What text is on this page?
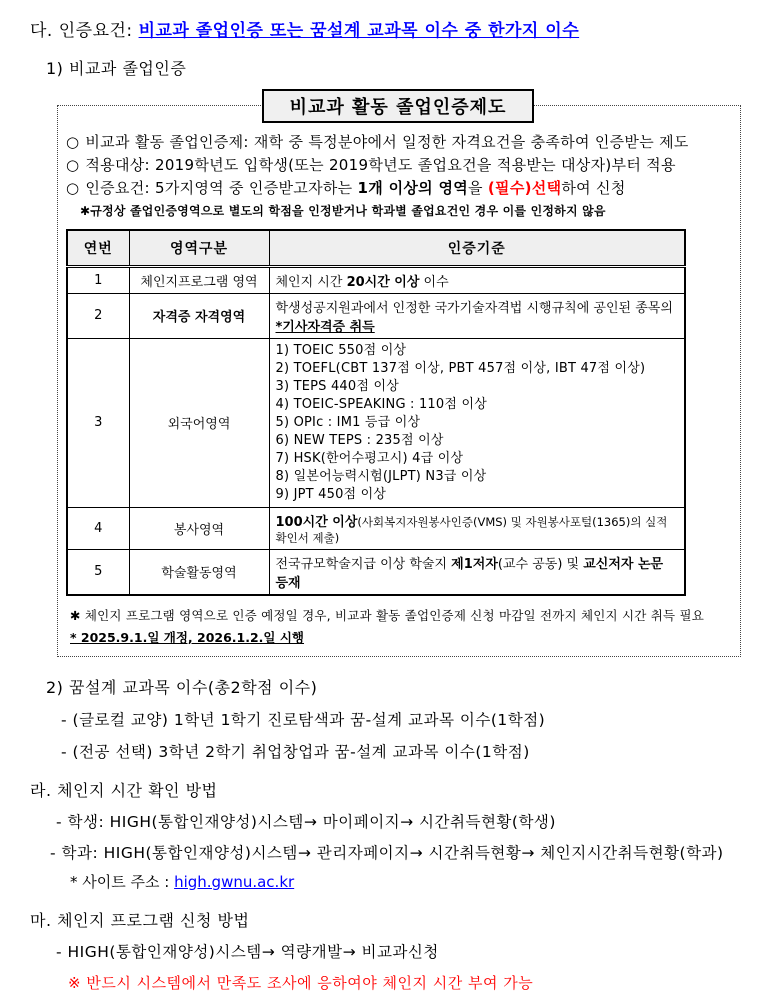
다. 인증요건: 비교과 졸업인증 또는 꿈설계 교과목 이수 중 한가지 이수
1) 비교과 졸업인증
비교과 활동 졸업인증제도
○ 비교과 활동 졸업인증제: 재학 중 특정분야에서 일정한 자격요건을 충족하여 인증받는 제도
○ 적용대상: 2019학년도 입학생(또는 2019학년도 졸업요건을 적용받는 대상자)부터 적용
○ 인증요건: 5가지영역 중 인증받고자하는 1개 이상의 영역을 (필수)선택하여 신청
✱규정상 졸업인증영역으로 별도의 학점을 인정받거나 학과별 졸업요건인 경우 이를 인정하지 않음
연번	영역구분	인증기준
1	체인지프로그램 영역	체인지 시간 20시간 이상 이수
2	자격증 자격영역	학생성공지원과에서 인정한 국가기술자격법 시행규칙에 공인된 종목의 *기사자격증 취득
3	외국어영역	
1) TOEIC 550점 이상
2) TOEFL(CBT 137점 이상, PBT 457점 이상, IBT 47점 이상)
3) TEPS 440점 이상
4) TOEIC-SPEAKING : 110점 이상
5) OPIc : IM1 등급 이상
6) NEW TEPS : 235점 이상
7) HSK(한어수평고시) 4급 이상
8) 일본어능력시험(JLPT) N3급 이상
9) JPT 450점 이상

4	봉사영역	100시간 이상(사회복지자원봉사인증(VMS) 및 자원봉사포털(1365)의 실적확인서 제출)
5	학술활동영역	전국규모학술지급 이상 학술지 제1저자(교수 공동) 및 교신저자 논문 등재
✱ 체인지 프로그램 영역으로 인증 예정일 경우, 비교과 활동 졸업인증제 신청 마감일 전까지 체인지 시간 취득 필요
* 2025.9.1.일 개정, 2026.1.2.일 시행
2) 꿈설계 교과목 이수(총2학점 이수)
- (글로컬 교양) 1학년 1학기 진로탐색과 꿈-설계 교과목 이수(1학점)
- (전공 선택) 3학년 2학기 취업창업과 꿈-설계 교과목 이수(1학점)
라. 체인지 시간 확인 방법
- 학생: HIGH(통합인재양성)시스템→ 마이페이지→ 시간취득현황(학생)
- 학과: HIGH(통합인재양성)시스템→ 관리자페이지→ 시간취득현황→ 체인지시간취득현황(학과)
* 사이트 주소 : high.gwnu.ac.kr
마. 체인지 프로그램 신청 방법
- HIGH(통합인재양성)시스템→ 역량개발→ 비교과신청
※ 반드시 시스템에서 만족도 조사에 응하여야 체인지 시간 부여 가능
